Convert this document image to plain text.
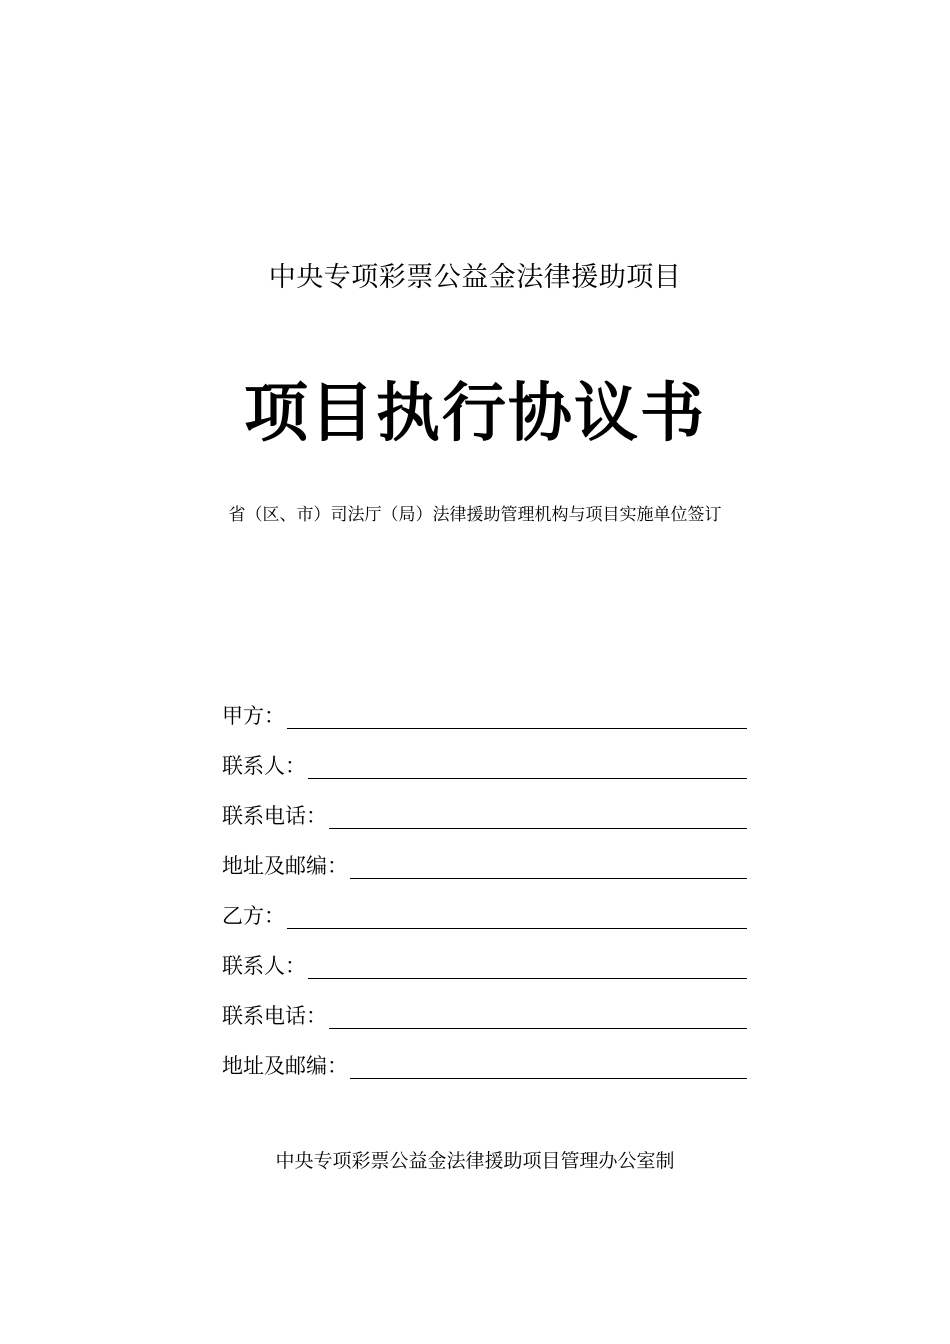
中央专项彩票公益金法律援助项目
项目执行协议书
省（区、市）司法厅（局）法律援助管理机构与项目实施单位签订
甲方：
联系人：
联系电话：
地址及邮编：
乙方：
联系人：
联系电话：
地址及邮编：
中央专项彩票公益金法律援助项目管理办公室制
